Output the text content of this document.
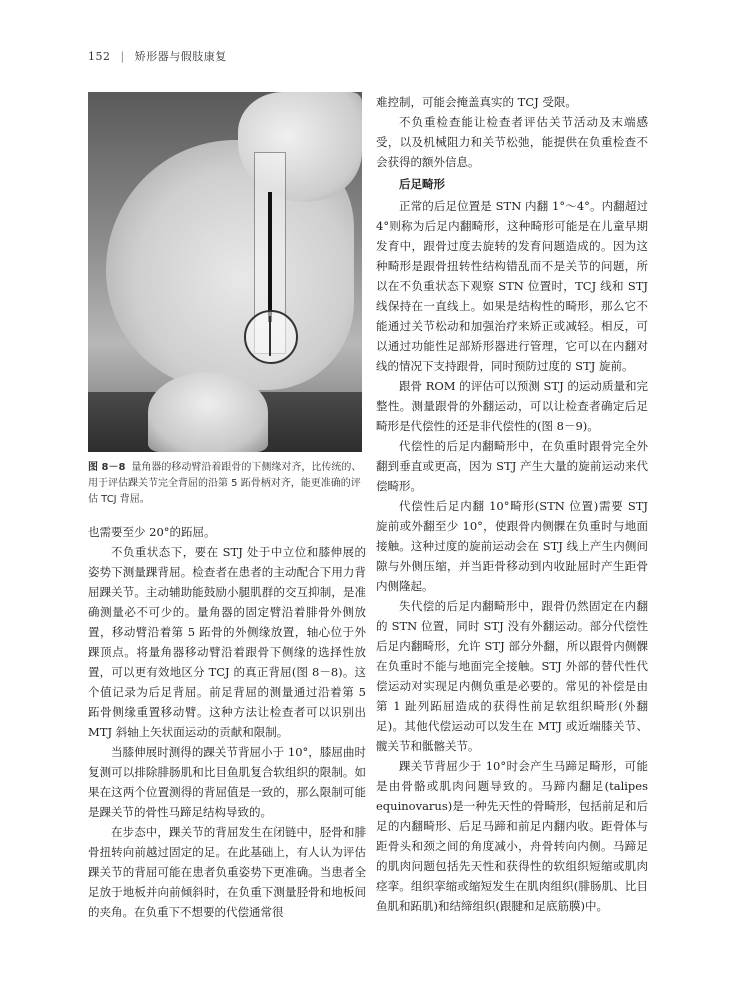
152 | 矫形器与假肢康复
图 8－8 量角器的移动臂沿着跟骨的下侧缘对齐，比传统的、用于评估踝关节完全背屈的沿第 5 跖骨柄对齐，能更准确的评估 TCJ 背屈。

也需要至少 20°的跖屈。

不负重状态下，要在 STJ 处于中立位和膝伸展的姿势下测量踝背屈。检查者在患者的主动配合下用力背屈踝关节。主动辅助能鼓励小腿肌群的交互抑制，是准确测量必不可少的。量角器的固定臂沿着腓骨外侧放置，移动臂沿着第 5 跖骨的外侧缘放置，轴心位于外踝顶点。将量角器移动臂沿着跟骨下侧缘的选择性放置，可以更有效地区分 TCJ 的真正背屈(图 8－8)。这个值记录为后足背屈。前足背屈的测量通过沿着第 5 跖骨侧缘重置移动臂。这种方法让检查者可以识别出 MTJ 斜轴上矢状面运动的贡献和限制。

当膝伸展时测得的踝关节背屈小于 10°，膝屈曲时复测可以排除腓肠肌和比目鱼肌复合软组织的限制。如果在这两个位置测得的背屈值是一致的，那么限制可能是踝关节的骨性马蹄足结构导致的。

在步态中，踝关节的背屈发生在闭链中，胫骨和腓骨扭转向前越过固定的足。在此基础上，有人认为评估踝关节的背屈可能在患者负重姿势下更准确。当患者全足放于地板并向前倾斜时，在负重下测量胫骨和地板间的夹角。在负重下不想要的代偿通常很

难控制，可能会掩盖真实的 TCJ 受限。

不负重检查能让检查者评估关节活动及末端感受，以及机械阻力和关节松弛，能提供在负重检查不会获得的额外信息。

后足畸形

正常的后足位置是 STN 内翻 1°～4°。内翻超过 4°则称为后足内翻畸形，这种畸形可能是在儿童早期发育中，跟骨过度去旋转的发育问题造成的。因为这种畸形是跟骨扭转性结构错乱而不是关节的问题，所以在不负重状态下观察 STN 位置时，TCJ 线和 STJ 线保持在一直线上。如果是结构性的畸形，那么它不能通过关节松动和加强治疗来矫正或减轻。相反，可以通过功能性足部矫形器进行管理，它可以在内翻对线的情况下支持跟骨，同时预防过度的 STJ 旋前。

跟骨 ROM 的评估可以预测 STJ 的运动质量和完整性。测量跟骨的外翻运动，可以让检查者确定后足畸形是代偿性的还是非代偿性的(图 8－9)。

代偿性的后足内翻畸形中，在负重时跟骨完全外翻到垂直或更高，因为 STJ 产生大量的旋前运动来代偿畸形。

代偿性后足内翻 10°畸形(STN 位置)需要 STJ 旋前或外翻至少 10°，使跟骨内侧髁在负重时与地面接触。这种过度的旋前运动会在 STJ 线上产生内侧间隙与外侧压缩，并当距骨移动到内收趾屈时产生距骨内侧隆起。

失代偿的后足内翻畸形中，跟骨仍然固定在内翻的 STN 位置，同时 STJ 没有外翻运动。部分代偿性后足内翻畸形，允许 STJ 部分外翻，所以跟骨内侧髁在负重时不能与地面完全接触。STJ 外部的替代性代偿运动对实现足内侧负重是必要的。常见的补偿是由第 1 趾列跖屈造成的获得性前足软组织畸形(外翻足)。其他代偿运动可以发生在 MTJ 或近端膝关节、髋关节和骶髂关节。

踝关节背屈少于 10°时会产生马蹄足畸形，可能是由骨骼或肌肉问题导致的。马蹄内翻足(talipes equinovarus)是一种先天性的骨畸形，包括前足和后足的内翻畸形、后足马蹄和前足内翻内收。距骨体与距骨头和颈之间的角度减小，舟骨转向内侧。马蹄足的肌肉问题包括先天性和获得性的软组织短缩或肌肉痉挛。组织挛缩或缩短发生在肌肉组织(腓肠肌、比目鱼肌和跖肌)和结缔组织(跟腱和足底筋膜)中。
